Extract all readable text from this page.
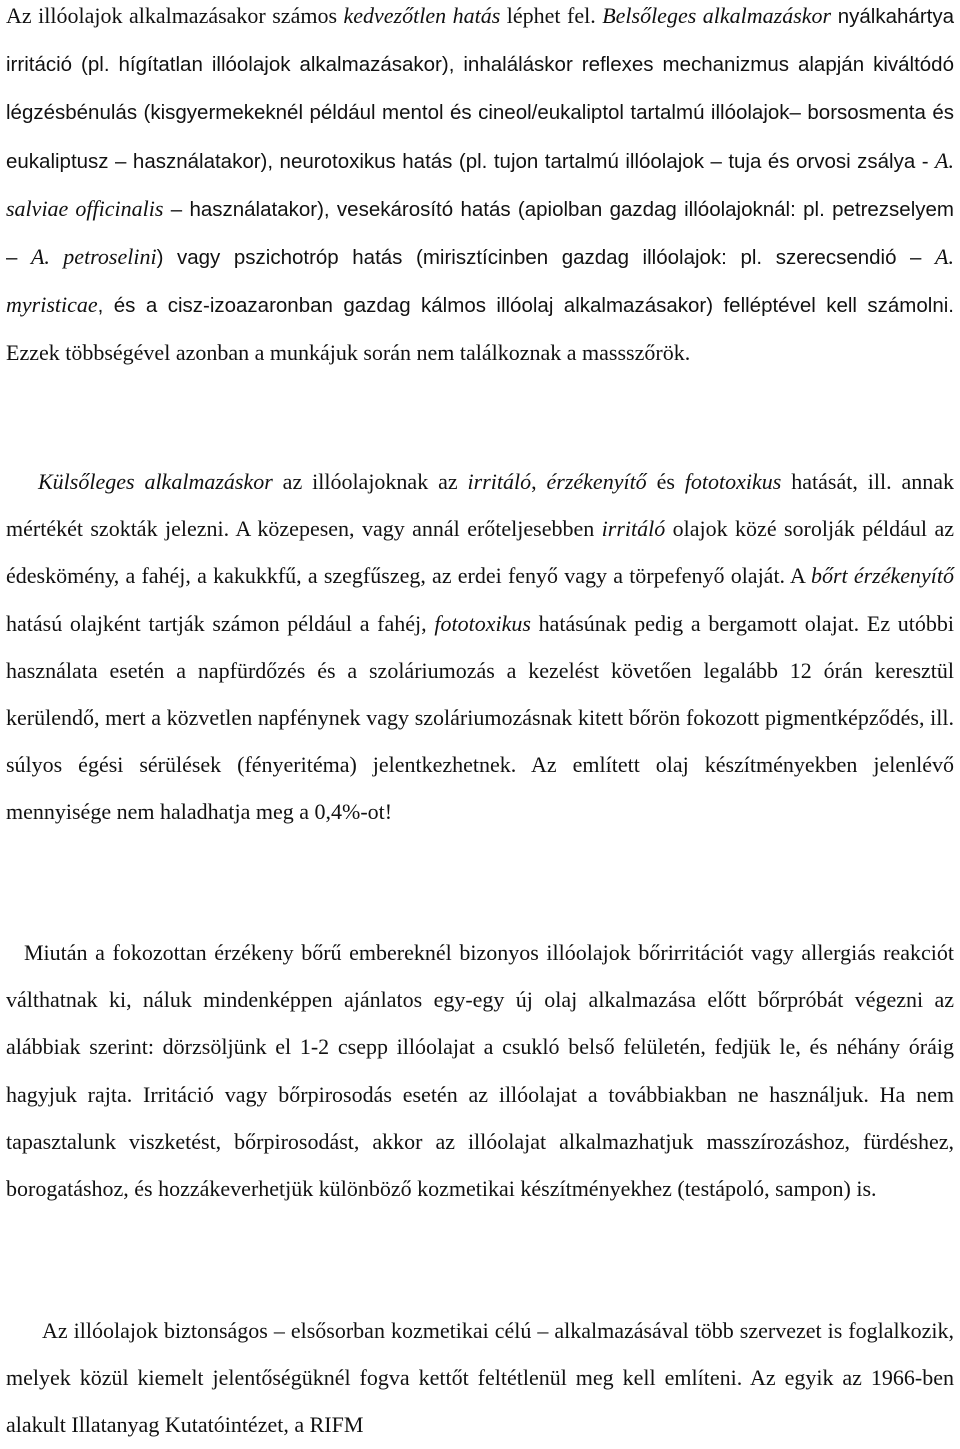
Az illóolajok alkalmazásakor számos kedvezőtlen hatás léphet fel. Belsőleges alkalmazáskor nyálkahártya irritáció (pl. hígítatlan illóolajok alkalmazásakor), inhaláláskor reflexes mechanizmus alapján kiváltódó légzésbénulás (kisgyermekeknél például mentol és cineol/eukaliptol tartalmú illóolajok– borsosmenta és eukaliptusz – használatakor), neurotoxikus hatás (pl. tujon tartalmú illóolajok – tuja és orvosi zsálya - A. salviae officinalis – használatakor), vesekárosító hatás (apiolban gazdag illóolajoknál: pl. petrezselyem – A. petroselini) vagy pszichotróp hatás (mirisztícinben gazdag illóolajok: pl. szerecsendió – A. myristicae, és a cisz-izoazaronban gazdag kálmos illóolaj alkalmazásakor) felléptével kell számolni. Ezzek többségével azonban a munkájuk során nem találkoznak a massszőrök.

Külsőleges alkalmazáskor az illóolajoknak az irritáló, érzékenyítő és fototoxikus hatását, ill. annak mértékét szokták jelezni. A közepesen, vagy annál erőteljesebben irritáló olajok közé sorolják például az édesköménу, a fahéj, a kakukkfű, a szegfűszeg, az erdei fenyő vagy a törpefenyő olaját. A bőrt érzékenyítő hatású olajként tartják számon például a fahéj, fototoxikus hatásúnak pedig a bergamott olajat. Ez utóbbi használata esetén a napfürdőzés és a szoláriumozás a kezelést követően legalább 12 órán keresztül kerülendő, mert a közvetlen napfénynek vagy szoláriumozásnak kitett bőrön fokozott pigmentképződés, ill. súlyos égési sérülések (fényeritéma) jelentkezhetnek. Az említett olaj készítményekben jelenlévő mennyisége nem haladhatja meg a 0,4%-ot!

Miután a fokozottan érzékeny bőrű embereknél bizonyos illóolajok bőrirritációt vagy allergiás reakciót válthatnak ki, náluk mindenképpen ajánlatos egy-egy új olaj alkalmazása előtt bőrpróbát végezni az alábbiak szerint: dörzsöljünk el 1-2 csepp illóolajat a csukló belső felületén, fedjük le, és néhány óráig hagyjuk rajta. Irritáció vagy bőrpirosodás esetén az illóolajat a továbbiakban ne használjuk. Ha nem tapasztalunk viszketést, bőrpirosodást, akkor az illóolajat alkalmazhatjuk masszírozáshoz, fürdéshez, borogatáshoz, és hozzákeverhetjük különböző kozmetikai készítményekhez (testápoló, sampon) is.

Az illóolajok biztonságos – elsősorban kozmetikai célú – alkalmazásával több szervezet is foglalkozik, melyek közül kiemelt jelentőségüknél fogva kettőt feltétlenül meg kell említeni. Az egyik az 1966-ben alakult Illatanyag Kutatóintézet, a RIFM
